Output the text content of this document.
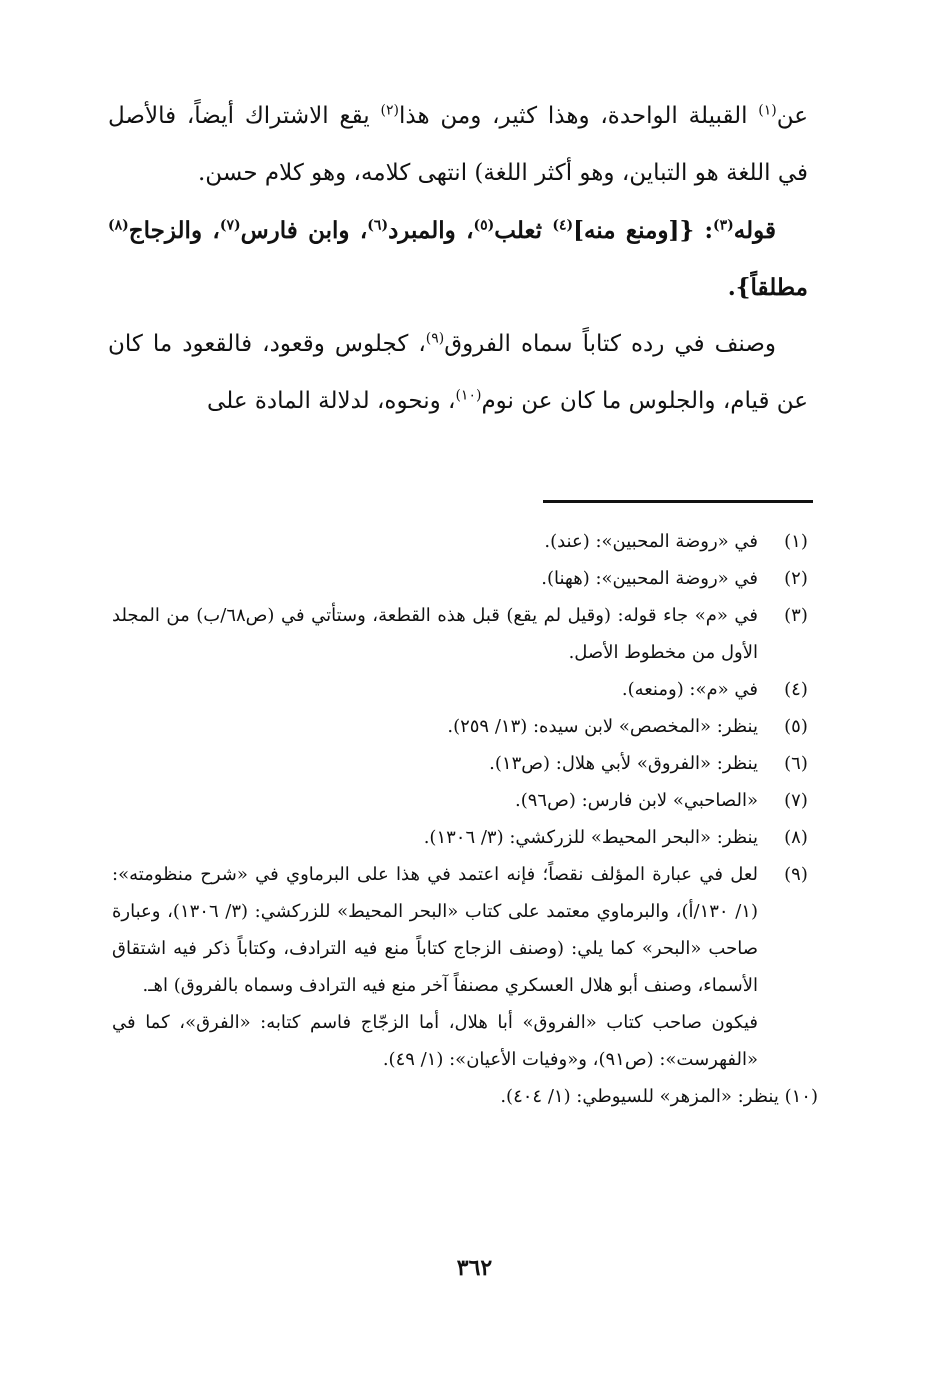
عن$^{(١)}$ القبيلة الواحدة، وهذا كثير، ومن هذا$^{(٢)}$ يقع الاشتراك أيضاً، فالأصل في اللغة هو التباين، وهو أكثر اللغة) انتهى كلامه، وهو كلام حسن.

قوله$^{(٣)}$: {[ومنع منه]$^{(٤)}$ ثعلب$^{(٥)}$، والمبرد$^{(٦)}$، وابن فارس$^{(٧)}$، والزجاج$^{(٨)}$ مطلقاً}.

وصنف في رده كتاباً سماه الفروق$^{(٩)}$، كجلوس وقعود، فالقعود ما كان عن قيام، والجلوس ما كان عن نوم$^{(١٠)}$، ونحوه، لدلالة المادة على

(١)
في «روضة المحبين»: (عند).
(٢)
في «روضة المحبين»: (ههنا).
(٣)
في «م» جاء قوله: (وقيل لم يقع) قبل هذه القطعة، وستأتي في (ص٦٨/ب) من المجلد الأول من مخطوط الأصل.
(٤)
في «م»: (ومنعه).
(٥)
ينظر: «المخصص» لابن سيده: (١٣/ ٢٥٩).
(٦)
ينظر: «الفروق» لأبي هلال: (ص١٣).
(٧)
«الصاحبي» لابن فارس: (ص٩٦).
(٨)
ينظر: «البحر المحيط» للزركشي: (٣/ ١٣٠٦).
(٩)
لعل في عبارة المؤلف نقصاً؛ فإنه اعتمد في هذا على البرماوي في «شرح منظومته»: (١/ ١٣٠/أ)، والبرماوي معتمد على كتاب «البحر المحيط» للزركشي: (٣/ ١٣٠٦)، وعبارة صاحب «البحر» كما يلي: (وصنف الزجاج كتاباً منع فيه الترادف، وكتاباً ذكر فيه اشتقاق الأسماء، وصنف أبو هلال العسكري مصنفاً آخر منع فيه الترادف وسماه بالفروق) اهـ.

فيكون صاحب كتاب «الفروق» أبا هلال، أما الزجّاج فاسم كتابه: «الفرق»، كما في «الفهرست»: (ص٩١)، و«وفيات الأعيان»: (١/ ٤٩).

(١٠) ينظر: «المزهر» للسيوطي: (١/ ٤٠٤).

٣٦٢
